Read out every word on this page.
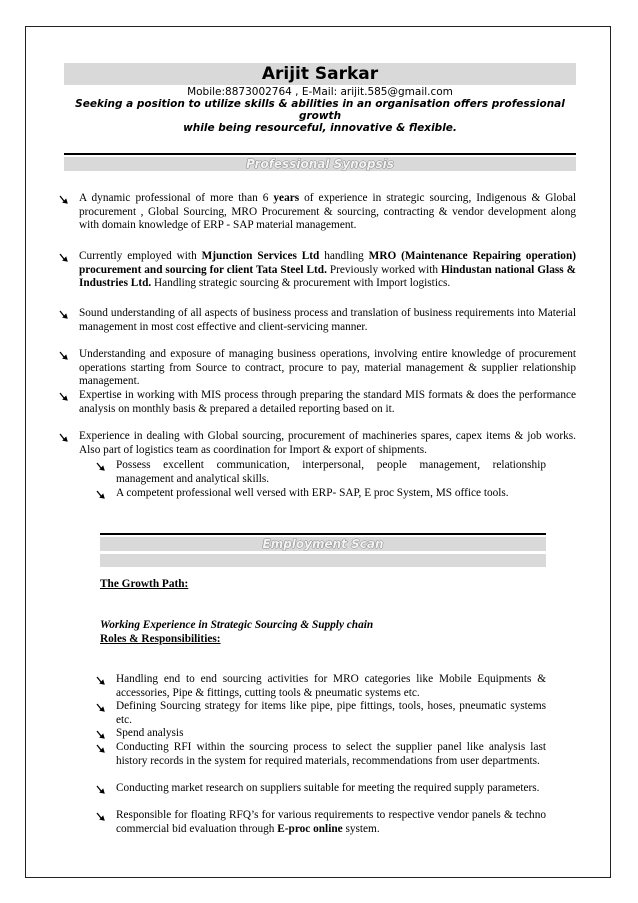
Arijit Sarkar
Mobile:8873002764 , E-Mail: arijit.585@gmail.com
Seeking a position to utilize skills & abilities in an organisation offers professional growth
while being resourceful, innovative & flexible.
Professional Synopsis
A dynamic professional of more than 6 years of experience in strategic sourcing, Indigenous & Global procurement , Global Sourcing, MRO Procurement & sourcing, contracting & vendor development along with domain knowledge of ERP - SAP material management.
Currently employed with Mjunction Services Ltd handling MRO (Maintenance Repairing operation) procurement and sourcing for client Tata Steel Ltd. Previously worked with Hindustan national Glass & Industries Ltd. Handling strategic sourcing & procurement with Import logistics.
Sound understanding of all aspects of business process and translation of business requirements into Material management in most cost effective and client-servicing manner.
Understanding and exposure of managing business operations, involving entire knowledge of procurement operations starting from Source to contract, procure to pay, material management & supplier relationship management.
Expertise in working with MIS process through preparing the standard MIS formats & does the performance analysis on monthly basis & prepared a detailed reporting based on it.
Experience in dealing with Global sourcing, procurement of machineries spares, capex items & job works. Also part of logistics team as coordination for Import & export of shipments.
Possess excellent communication, interpersonal, people management, relationship management and analytical skills.
A competent professional well versed with ERP- SAP, E proc System, MS office tools.
Employment Scan
The Growth Path:
Working Experience in Strategic Sourcing & Supply chain
Roles & Responsibilities:
Handling end to end sourcing activities for MRO categories like Mobile Equipments & accessories, Pipe & fittings, cutting tools & pneumatic systems etc.
Defining Sourcing strategy for items like pipe, pipe fittings, tools, hoses, pneumatic systems etc.
Spend analysis
Conducting RFI within the sourcing process to select the supplier panel like analysis last history records in the system for required materials, recommendations from user departments.
Conducting market research on suppliers suitable for meeting the required supply parameters.
Responsible for floating RFQ’s for various requirements to respective vendor panels & techno commercial bid evaluation through E-proc online system.
